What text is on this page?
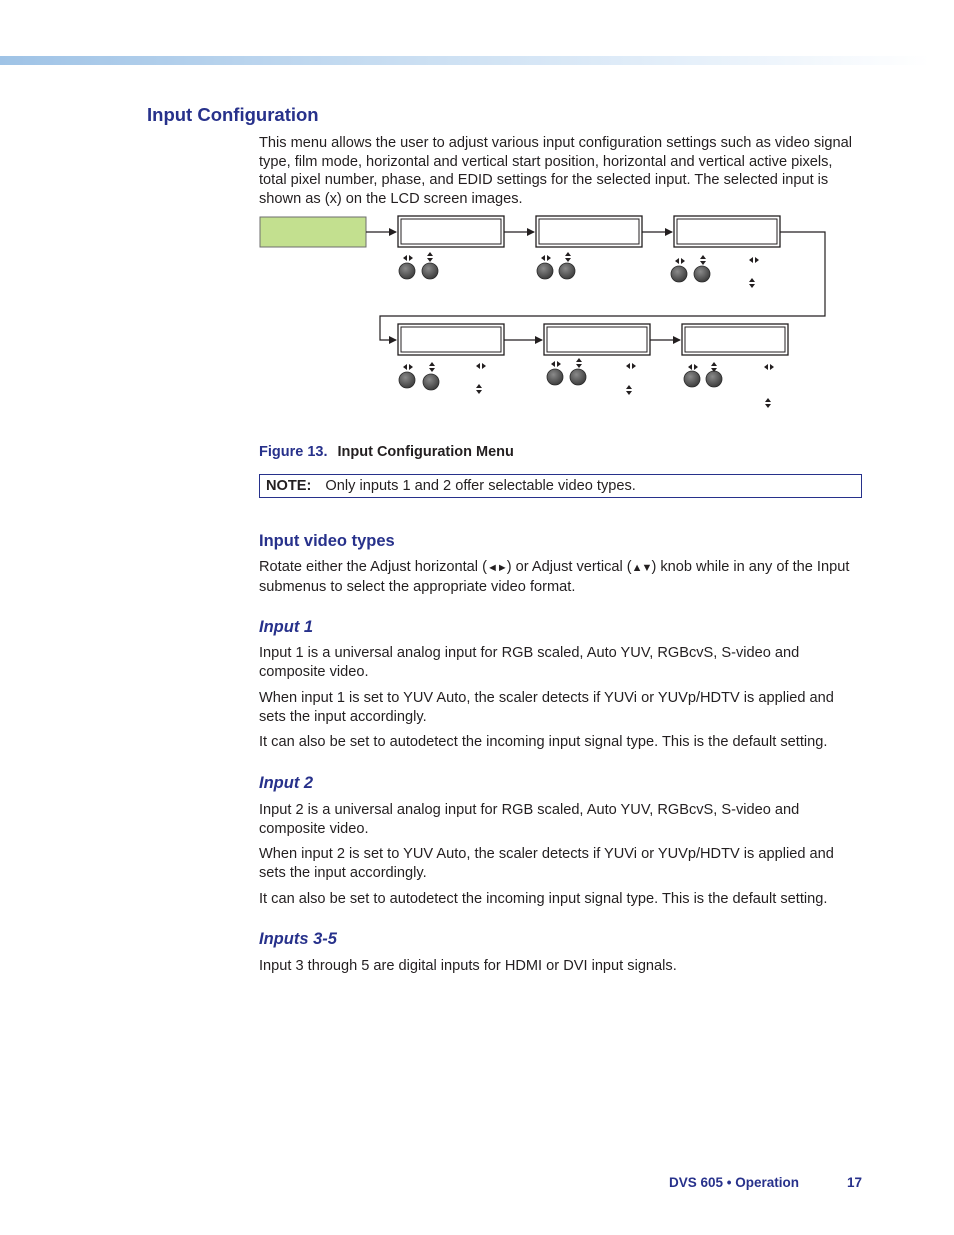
Input Configuration

This menu allows the user to adjust various input configuration settings such as video signal type, film mode, horizontal and vertical start position, horizontal and vertical active pixels, total pixel number, phase, and EDID settings for the selected input. The selected input is shown as (x) on the LCD screen images.

Figure 13. Input Configuration Menu
NOTE: Only inputs 1 and 2 offer selectable video types.
Input video types

Rotate either the Adjust horizontal (◄►) or Adjust vertical (▲▼) knob while in any of the Input submenus to select the appropriate video format.

Input 1

Input 1 is a universal analog input for RGB scaled, Auto YUV, RGBcvS, S-video and composite video.

When input 1 is set to YUV Auto, the scaler detects if YUVi or YUVp/HDTV is applied and sets the input accordingly.

It can also be set to autodetect the incoming input signal type. This is the default setting.

Input 2

Input 2 is a universal analog input for RGB scaled, Auto YUV, RGBcvS, S-video and composite video.

When input 2 is set to YUV Auto, the scaler detects if YUVi or YUVp/HDTV is applied and sets the input accordingly.

It can also be set to autodetect the incoming input signal type. This is the default setting.

Inputs 3-5

Input 3 through 5 are digital inputs for HDMI or DVI input signals.

DVS 605 • Operation	17
